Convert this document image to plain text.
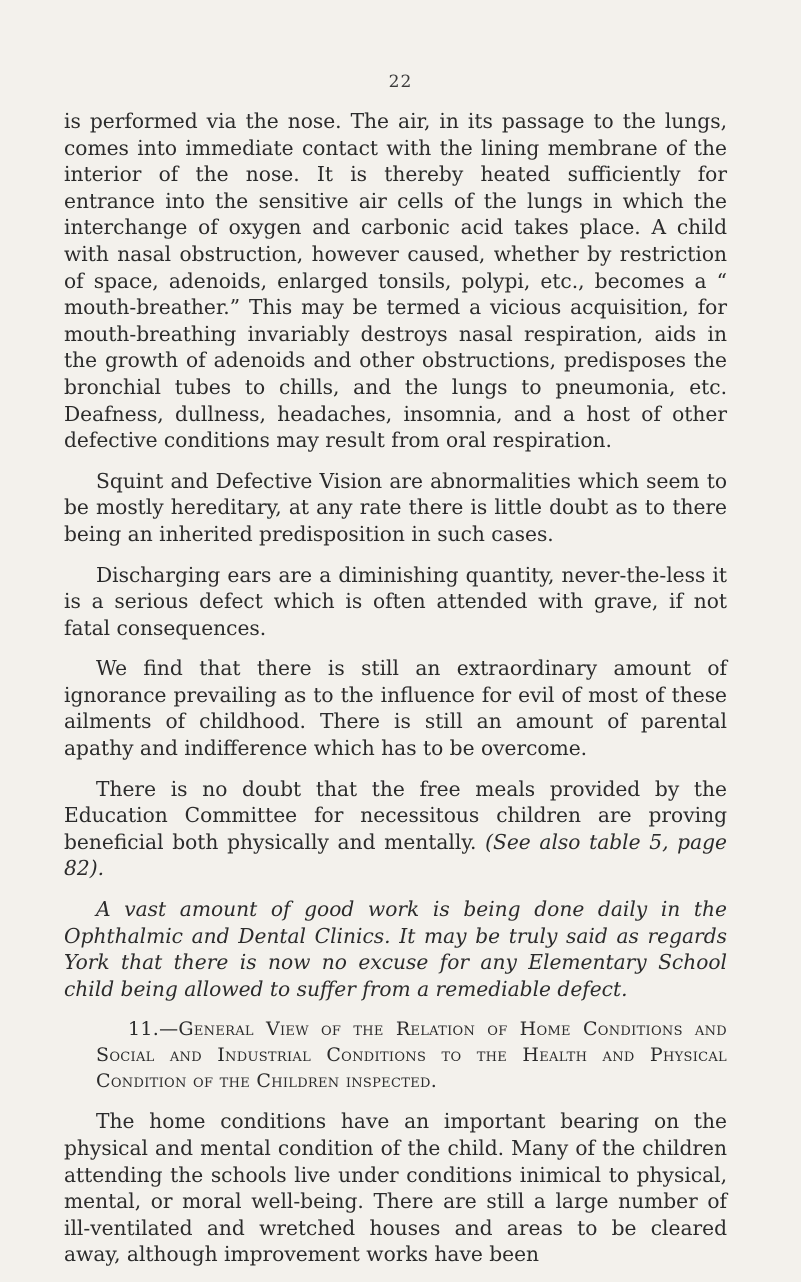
22

is performed via the nose. The air, in its passage to the lungs, comes into immediate contact with the lining membrane of the interior of the nose. It is thereby heated sufficiently for entrance into the sensitive air cells of the lungs in which the interchange of oxygen and carbonic acid takes place. A child with nasal obstruction, however caused, whether by restriction of space, adenoids, enlarged tonsils, polypi, etc., becomes a “ mouth-breather.” This may be termed a vicious acquisition, for mouth-breathing invariably destroys nasal respiration, aids in the growth of adenoids and other obstructions, predisposes the bronchial tubes to chills, and the lungs to pneumonia, etc. Deafness, dullness, headaches, insomnia, and a host of other defective conditions may result from oral respiration.

Squint and Defective Vision are abnormalities which seem to be mostly hereditary, at any rate there is little doubt as to there being an inherited predisposition in such cases.

Discharging ears are a diminishing quantity, never-the-less it is a serious defect which is often attended with grave, if not fatal consequences.

We find that there is still an extraordinary amount of ignorance prevailing as to the influence for evil of most of these ailments of childhood. There is still an amount of parental apathy and indifference which has to be overcome.

There is no doubt that the free meals provided by the Education Committee for necessitous children are proving beneficial both physically and mentally. (See also table 5, page 82).

A vast amount of good work is being done daily in the Ophthalmic and Dental Clinics. It may be truly said as regards York that there is now no excuse for any Elementary School child being allowed to suffer from a remediable defect.

11.—General View of the Relation of Home Conditions and Social and Industrial Conditions to the Health and Physical Condition of the Children inspected.

The home conditions have an important bearing on the physical and mental condition of the child. Many of the children attending the schools live under conditions inimical to physical, mental, or moral well-being. There are still a large number of ill-ventilated and wretched houses and areas to be cleared away, although improvement works have been
